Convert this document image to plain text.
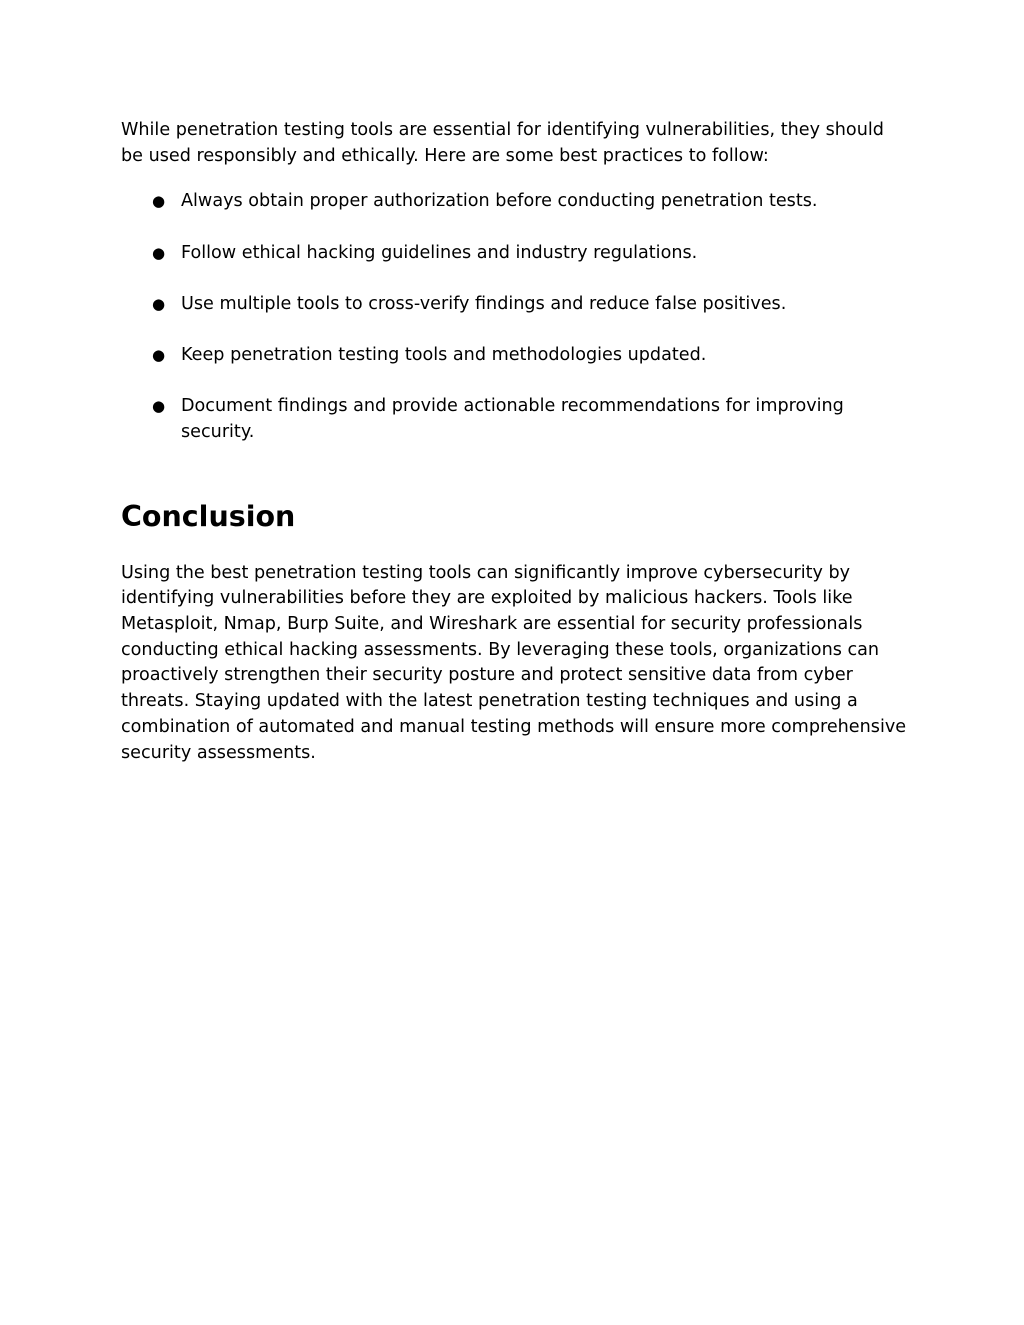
While penetration testing tools are essential for identifying vulnerabilities, they should be used responsibly and ethically. Here are some best practices to follow:

● Always obtain proper authorization before conducting penetration tests.
● Follow ethical hacking guidelines and industry regulations.
● Use multiple tools to cross-verify findings and reduce false positives.
● Keep penetration testing tools and methodologies updated.
● Document findings and provide actionable recommendations for improving security.
Conclusion

Using the best penetration testing tools can significantly improve cybersecurity by identifying vulnerabilities before they are exploited by malicious hackers. Tools like Metasploit, Nmap, Burp Suite, and Wireshark are essential for security professionals conducting ethical hacking assessments. By leveraging these tools, organizations can proactively strengthen their security posture and protect sensitive data from cyber threats. Staying updated with the latest penetration testing techniques and using a combination of automated and manual testing methods will ensure more comprehensive security assessments.
